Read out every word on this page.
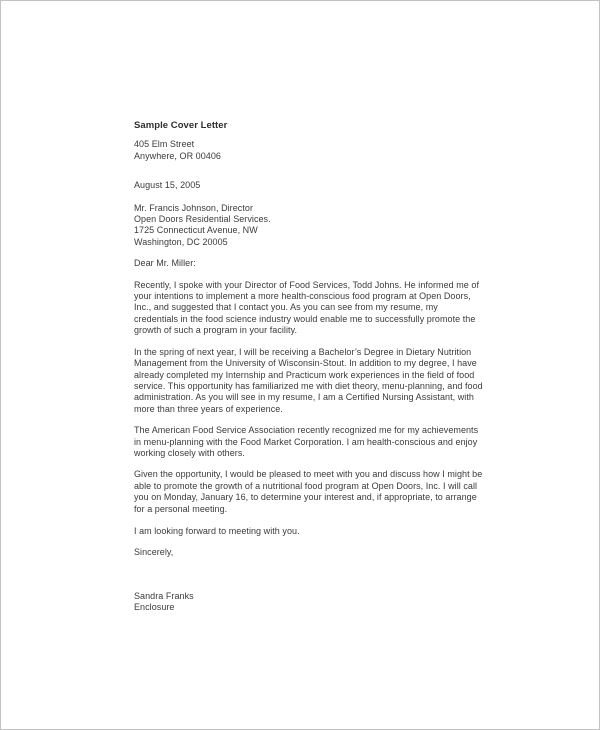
Sample Cover Letter
405 Elm Street
Anywhere, OR 00406
August 15, 2005
Mr. Francis Johnson, Director
Open Doors Residential Services.
1725 Connecticut Avenue, NW
Washington, DC 20005
Dear Mr. Miller:
Recently, I spoke with your Director of Food Services, Todd Johns. He informed me of your intentions to implement a more health-conscious food program at Open Doors, Inc., and suggested that I contact you. As you can see from my resume, my credentials in the food science industry would enable me to successfully promote the growth of such a program in your facility.
In the spring of next year, I will be receiving a Bachelor’s Degree in Dietary Nutrition Management from the University of Wisconsin-Stout. In addition to my degree, I have already completed my Internship and Practicum work experiences in the field of food service. This opportunity has familiarized me with diet theory, menu-planning, and food administration. As you will see in my resume, I am a Certified Nursing Assistant, with more than three years of experience.
The American Food Service Association recently recognized me for my achievements in menu-planning with the Food Market Corporation. I am health-conscious and enjoy working closely with others.
Given the opportunity, I would be pleased to meet with you and discuss how I might be able to promote the growth of a nutritional food program at Open Doors, Inc. I will call you on Monday, January 16, to determine your interest and, if appropriate, to arrange for a personal meeting.
I am looking forward to meeting with you.
Sincerely,
Sandra Franks
Enclosure
